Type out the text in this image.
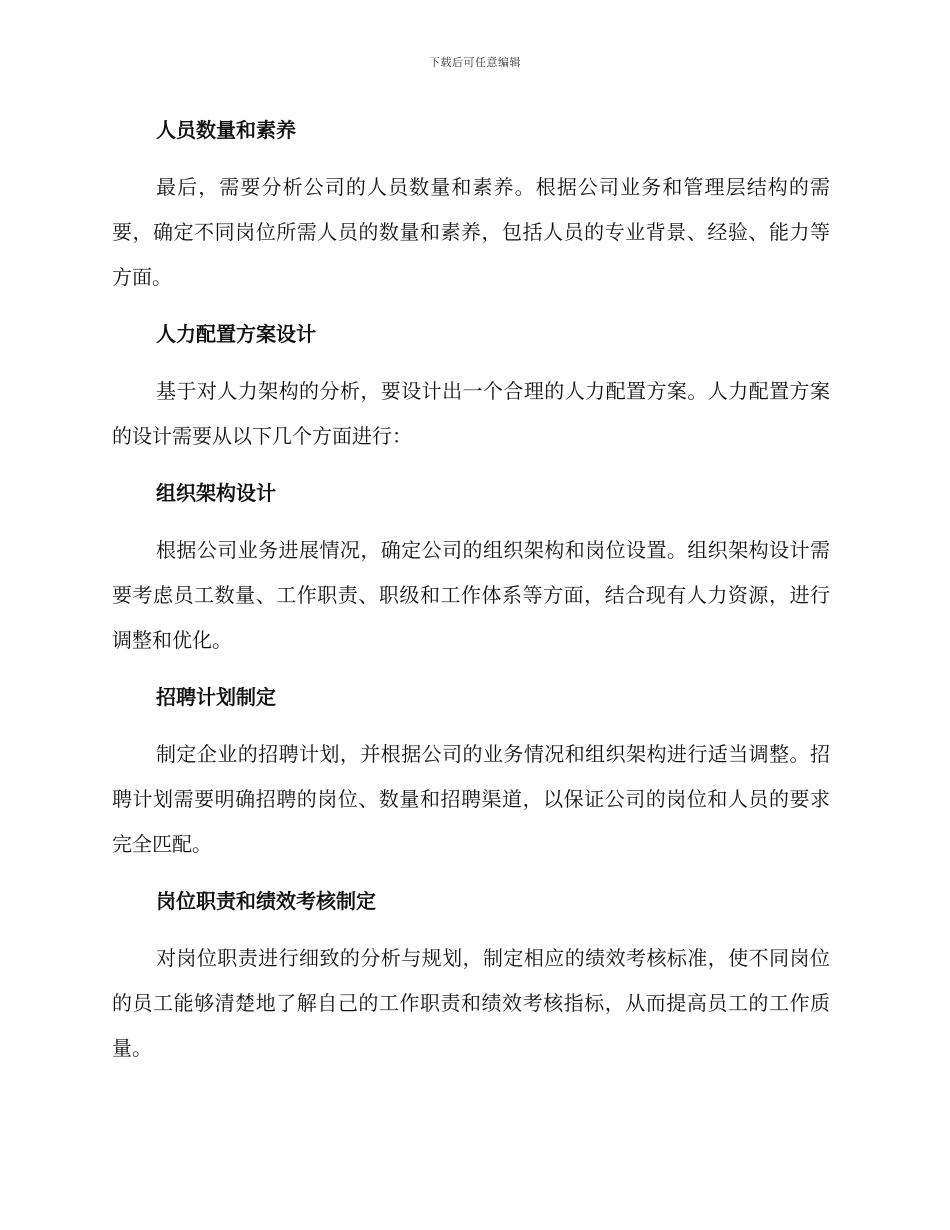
下载后可任意编辑
人员数量和素养
最后，需要分析公司的人员数量和素养。根据公司业务和管理层结构的需要，确定不同岗位所需人员的数量和素养，包括人员的专业背景、经验、能力等方面。
人力配置方案设计
基于对人力架构的分析，要设计出一个合理的人力配置方案。人力配置方案的设计需要从以下几个方面进行：
组织架构设计
根据公司业务进展情况，确定公司的组织架构和岗位设置。组织架构设计需要考虑员工数量、工作职责、职级和工作体系等方面，结合现有人力资源，进行调整和优化。
招聘计划制定
制定企业的招聘计划，并根据公司的业务情况和组织架构进行适当调整。招聘计划需要明确招聘的岗位、数量和招聘渠道，以保证公司的岗位和人员的要求完全匹配。
岗位职责和绩效考核制定
对岗位职责进行细致的分析与规划，制定相应的绩效考核标准，使不同岗位的员工能够清楚地了解自己的工作职责和绩效考核指标，从而提高员工的工作质量。
